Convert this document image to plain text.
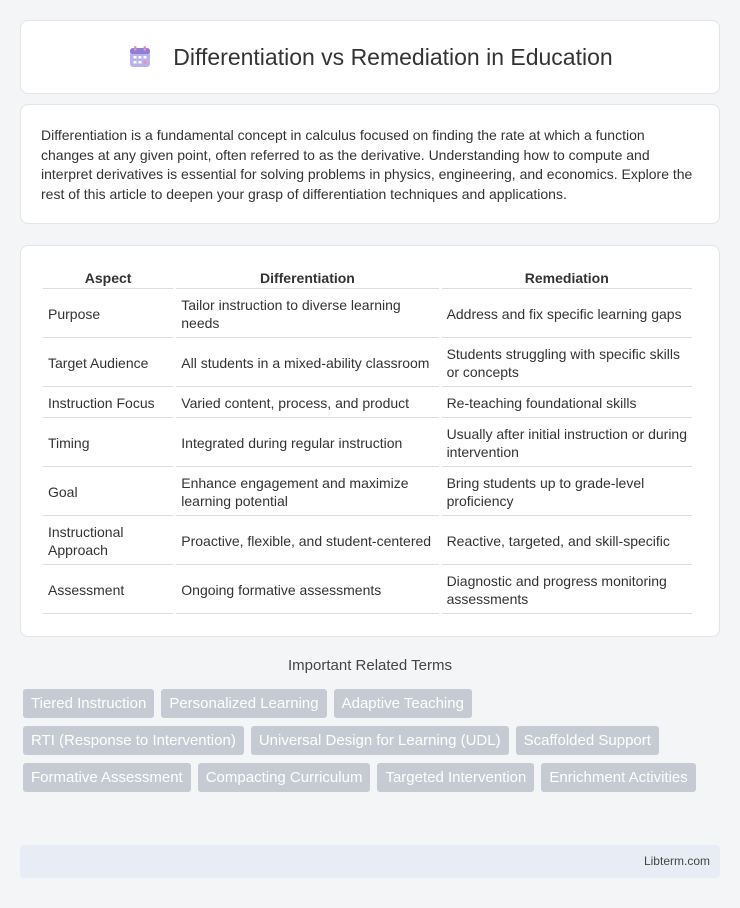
Differentiation vs Remediation in Education

Differentiation is a fundamental concept in calculus focused on finding the rate at which a function changes at any given point, often referred to as the derivative. Understanding how to compute and interpret derivatives is essential for solving problems in physics, engineering, and economics. Explore the rest of this article to deepen your grasp of differentiation techniques and applications.

Aspect	Differentiation	Remediation
Purpose	Tailor instruction to diverse learning needs	Address and fix specific learning gaps
Target Audience	All students in a mixed-ability classroom	Students struggling with specific skills or concepts
Instruction Focus	Varied content, process, and product	Re-teaching foundational skills
Timing	Integrated during regular instruction	Usually after initial instruction or during intervention
Goal	Enhance engagement and maximize learning potential	Bring students up to grade-level proficiency
Instructional Approach	Proactive, flexible, and student-centered	Reactive, targeted, and skill-specific
Assessment	Ongoing formative assessments	Diagnostic and progress monitoring assessments
Important Related Terms
Tiered Instruction	Personalized Learning	Adaptive Teaching
RTI (Response to Intervention)	Universal Design for Learning (UDL)	Scaffolded Support
Formative Assessment	Compacting Curriculum	Targeted Intervention	Enrichment Activities
Libterm.com
